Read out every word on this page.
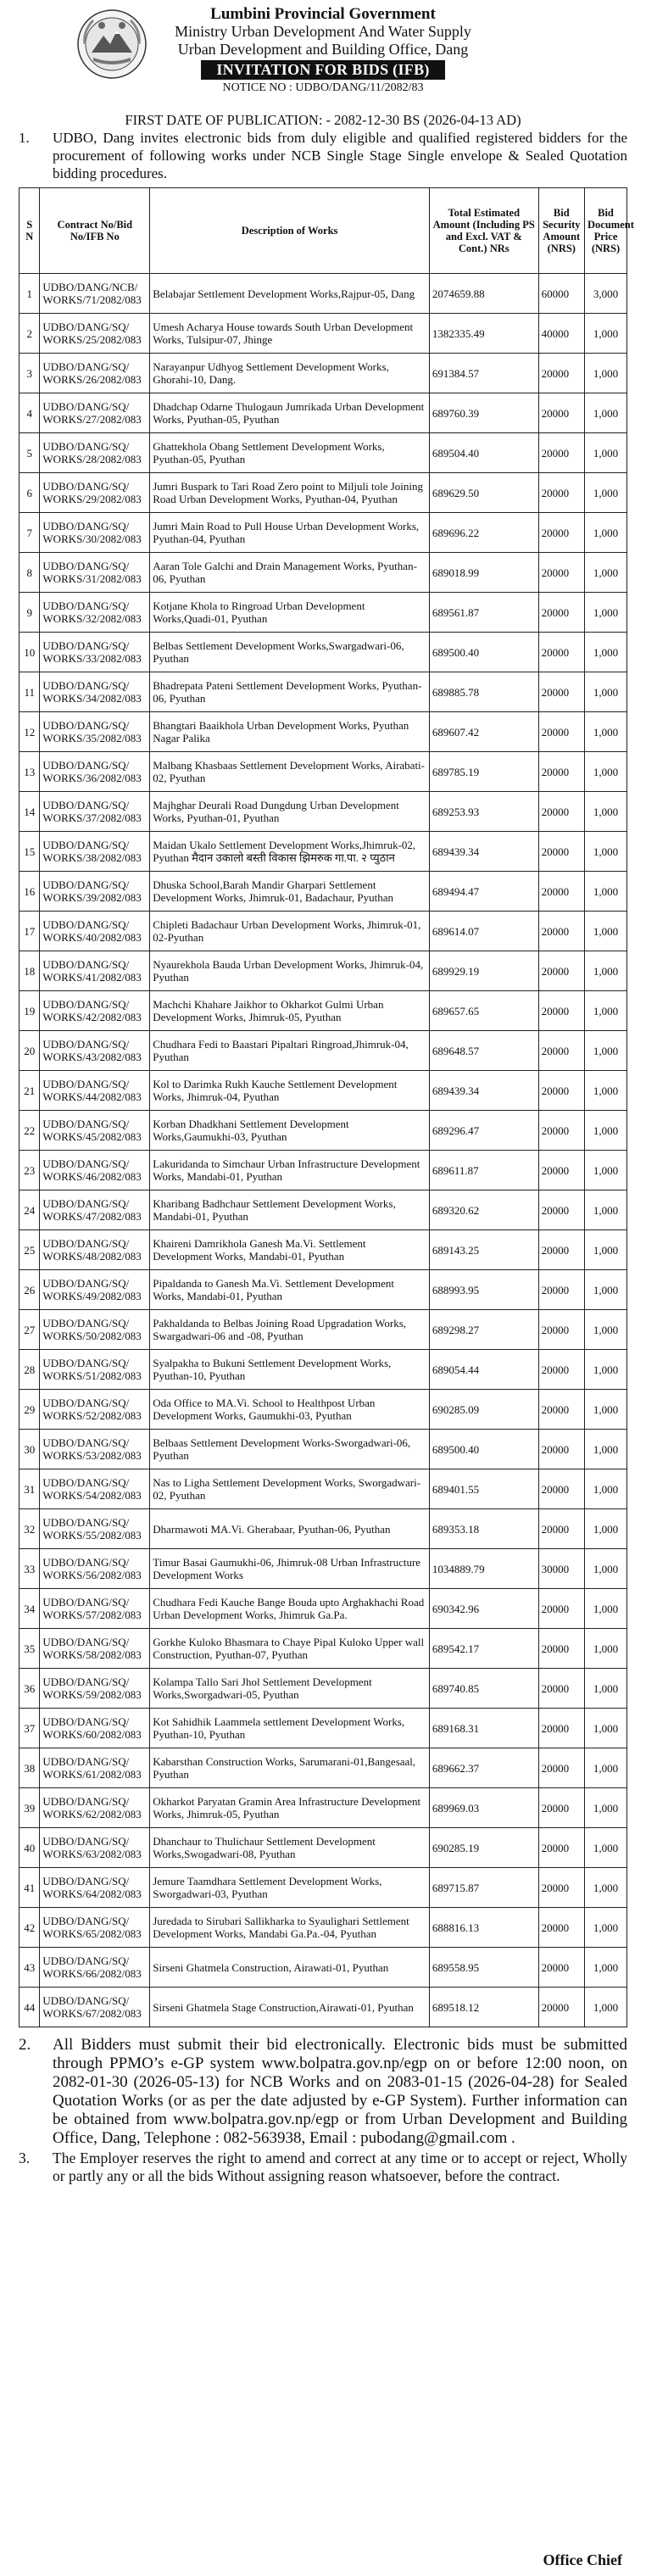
Lumbini Provincial Government
Ministry Urban Development And Water Supply
Urban Development and Building Office, Dang
INVITATION FOR BIDS (IFB)
NOTICE NO : UDBO/DANG/11/2082/83
FIRST DATE OF PUBLICATION: - 2082-12-30 BS (2026-04-13 AD)
1.	UDBO, Dang invites electronic bids from duly eligible and qualified registered bidders for the procurement of following works under NCB Single Stage Single envelope & Sealed Quotation bidding procedures.
S N	Contract No/Bid No/IFB No	Description of Works	Total Estimated Amount (Including PS and Excl. VAT & Cont.) NRs	Bid Security Amount (NRS)	Bid Document Price (NRS)
1	UDBO/DANG/NCB/ WORKS/71/2082/083	Belabajar Settlement Development Works,Rajpur-05, Dang	2074659.88	60000	3,000
2	UDBO/DANG/SQ/ WORKS/25/2082/083	Umesh Acharya House towards South Urban Development Works, Tulsipur-07, Jhinge	1382335.49	40000	1,000
3	UDBO/DANG/SQ/ WORKS/26/2082/083	Narayanpur Udhyog Settlement Development Works, Ghorahi-10, Dang.	691384.57	20000	1,000
4	UDBO/DANG/SQ/ WORKS/27/2082/083	Dhadchap Odarne Thulogaun Jumrikada Urban Development Works, Pyuthan-05, Pyuthan	689760.39	20000	1,000
5	UDBO/DANG/SQ/ WORKS/28/2082/083	Ghattekhola Obang Settlement Development Works, Pyuthan-05, Pyuthan	689504.40	20000	1,000
6	UDBO/DANG/SQ/ WORKS/29/2082/083	Jumri Buspark to Tari Road Zero point to Miljuli tole Joining Road Urban Development Works, Pyuthan-04, Pyuthan	689629.50	20000	1,000
7	UDBO/DANG/SQ/ WORKS/30/2082/083	Jumri Main Road to Pull House Urban Development Works, Pyuthan-04, Pyuthan	689696.22	20000	1,000
8	UDBO/DANG/SQ/ WORKS/31/2082/083	Aaran Tole Galchi and Drain Management Works, Pyuthan-06, Pyuthan	689018.99	20000	1,000
9	UDBO/DANG/SQ/ WORKS/32/2082/083	Kotjane Khola to Ringroad Urban Development Works,Quadi-01, Pyuthan	689561.87	20000	1,000
10	UDBO/DANG/SQ/ WORKS/33/2082/083	Belbas Settlement Development Works,Swargadwari-06, Pyuthan	689500.40	20000	1,000
11	UDBO/DANG/SQ/ WORKS/34/2082/083	Bhadrepata Pateni Settlement Development Works, Pyuthan-06, Pyuthan	689885.78	20000	1,000
12	UDBO/DANG/SQ/ WORKS/35/2082/083	Bhangtari Baaikhola Urban Development Works, Pyuthan Nagar Palika	689607.42	20000	1,000
13	UDBO/DANG/SQ/ WORKS/36/2082/083	Malbang Khasbaas Settlement Development Works, Airabati-02, Pyuthan	689785.19	20000	1,000
14	UDBO/DANG/SQ/ WORKS/37/2082/083	Majhghar Deurali Road Dungdung Urban Development Works, Pyuthan-01, Pyuthan	689253.93	20000	1,000
15	UDBO/DANG/SQ/ WORKS/38/2082/083	Maidan Ukalo Settlement Development Works,Jhimruk-02, Pyuthan मैदान उकालो बस्ती विकास झिमरुक गा.पा. २ प्युठान	689439.34	20000	1,000
16	UDBO/DANG/SQ/ WORKS/39/2082/083	Dhuska School,Barah Mandir Gharpari Settlement Development Works, Jhimruk-01, Badachaur, Pyuthan	689494.47	20000	1,000
17	UDBO/DANG/SQ/ WORKS/40/2082/083	Chipleti Badachaur Urban Development Works, Jhimruk-01, 02-Pyuthan	689614.07	20000	1,000
18	UDBO/DANG/SQ/ WORKS/41/2082/083	Nyaurekhola Bauda Urban Development Works, Jhimruk-04, Pyuthan	689929.19	20000	1,000
19	UDBO/DANG/SQ/ WORKS/42/2082/083	Machchi Khahare Jaikhor to Okharkot Gulmi Urban Development Works, Jhimruk-05, Pyuthan	689657.65	20000	1,000
20	UDBO/DANG/SQ/ WORKS/43/2082/083	Chudhara Fedi to Baastari Pipaltari Ringroad,Jhimruk-04, Pyuthan	689648.57	20000	1,000
21	UDBO/DANG/SQ/ WORKS/44/2082/083	Kol to Darimka Rukh Kauche Settlement Development Works, Jhimruk-04, Pyuthan	689439.34	20000	1,000
22	UDBO/DANG/SQ/ WORKS/45/2082/083	Korban Dhadkhani Settlement Development Works,Gaumukhi-03, Pyuthan	689296.47	20000	1,000
23	UDBO/DANG/SQ/ WORKS/46/2082/083	Lakuridanda to Simchaur Urban Infrastructure Development Works, Mandabi-01, Pyuthan	689611.87	20000	1,000
24	UDBO/DANG/SQ/ WORKS/47/2082/083	Kharibang Badhchaur Settlement Development Works, Mandabi-01, Pyuthan	689320.62	20000	1,000
25	UDBO/DANG/SQ/ WORKS/48/2082/083	Khaireni Damrikhola Ganesh Ma.Vi. Settlement Development Works, Mandabi-01, Pyuthan	689143.25	20000	1,000
26	UDBO/DANG/SQ/ WORKS/49/2082/083	Pipaldanda to Ganesh Ma.Vi. Settlement Development Works, Mandabi-01, Pyuthan	688993.95	20000	1,000
27	UDBO/DANG/SQ/ WORKS/50/2082/083	Pakhaldanda to Belbas Joining Road Upgradation Works, Swargadwari-06 and -08, Pyuthan	689298.27	20000	1,000
28	UDBO/DANG/SQ/ WORKS/51/2082/083	Syalpakha to Bukuni Settlement Development Works, Pyuthan-10, Pyuthan	689054.44	20000	1,000
29	UDBO/DANG/SQ/ WORKS/52/2082/083	Oda Office to MA.Vi. School to Healthpost Urban Development Works, Gaumukhi-03, Pyuthan	690285.09	20000	1,000
30	UDBO/DANG/SQ/ WORKS/53/2082/083	Belbaas Settlement Development Works-Sworgadwari-06, Pyuthan	689500.40	20000	1,000
31	UDBO/DANG/SQ/ WORKS/54/2082/083	Nas to Ligha Settlement Development Works, Sworgadwari-02, Pyuthan	689401.55	20000	1,000
32	UDBO/DANG/SQ/ WORKS/55/2082/083	Dharmawoti MA.Vi. Gherabaar, Pyuthan-06, Pyuthan	689353.18	20000	1,000
33	UDBO/DANG/SQ/ WORKS/56/2082/083	Timur Basai Gaumukhi-06, Jhimruk-08 Urban Infrastructure Development Works	1034889.79	30000	1,000
34	UDBO/DANG/SQ/ WORKS/57/2082/083	Chudhara Fedi Kauche Bange Bouda upto Arghakhachi Road Urban Development Works, Jhimruk Ga.Pa.	690342.96	20000	1,000
35	UDBO/DANG/SQ/ WORKS/58/2082/083	Gorkhe Kuloko Bhasmara to Chaye Pipal Kuloko Upper wall Construction, Pyuthan-07, Pyuthan	689542.17	20000	1,000
36	UDBO/DANG/SQ/ WORKS/59/2082/083	Kolampa Tallo Sari Jhol Settlement Development Works,Sworgadwari-05, Pyuthan	689740.85	20000	1,000
37	UDBO/DANG/SQ/ WORKS/60/2082/083	Kot Sahidhik Laammela settlement Development Works, Pyuthan-10, Pyuthan	689168.31	20000	1,000
38	UDBO/DANG/SQ/ WORKS/61/2082/083	Kabarsthan Construction Works, Sarumarani-01,Bangesaal, Pyuthan	689662.37	20000	1,000
39	UDBO/DANG/SQ/ WORKS/62/2082/083	Okharkot Paryatan Gramin Area Infrastructure Development Works, Jhimruk-05, Pyuthan	689969.03	20000	1,000
40	UDBO/DANG/SQ/ WORKS/63/2082/083	Dhanchaur to Thulichaur Settlement Development Works,Swogadwari-08, Pyuthan	690285.19	20000	1,000
41	UDBO/DANG/SQ/ WORKS/64/2082/083	Jemure Taamdhara Settlement Development Works, Sworgadwari-03, Pyuthan	689715.87	20000	1,000
42	UDBO/DANG/SQ/ WORKS/65/2082/083	Juredada to Sirubari Sallikharka to Syaulighari Settlement Development Works, Mandabi Ga.Pa.-04, Pyuthan	688816.13	20000	1,000
43	UDBO/DANG/SQ/ WORKS/66/2082/083	Sirseni Ghatmela Construction, Airawati-01, Pyuthan	689558.95	20000	1,000
44	UDBO/DANG/SQ/ WORKS/67/2082/083	Sirseni Ghatmela Stage Construction,Airawati-01, Pyuthan	689518.12	20000	1,000
2.	All Bidders must submit their bid electronically. Electronic bids must be submitted through PPMO’s e-GP system www.bolpatra.gov.np/egp on or before 12:00 noon, on 2082-01-30 (2026-05-13) for NCB Works and on 2083-01-15 (2026-04-28) for Sealed Quotation Works (or as per the date adjusted by e-GP System). Further information can be obtained from www.bolpatra.gov.np/egp or from Urban Development and Building Office, Dang, Telephone : 082-563938, Email : pubodang@gmail.com .
3.	The Employer reserves the right to amend and correct at any time or to accept or reject, Wholly or partly any or all the bids Without assigning reason whatsoever, before the contract.
Office Chief
